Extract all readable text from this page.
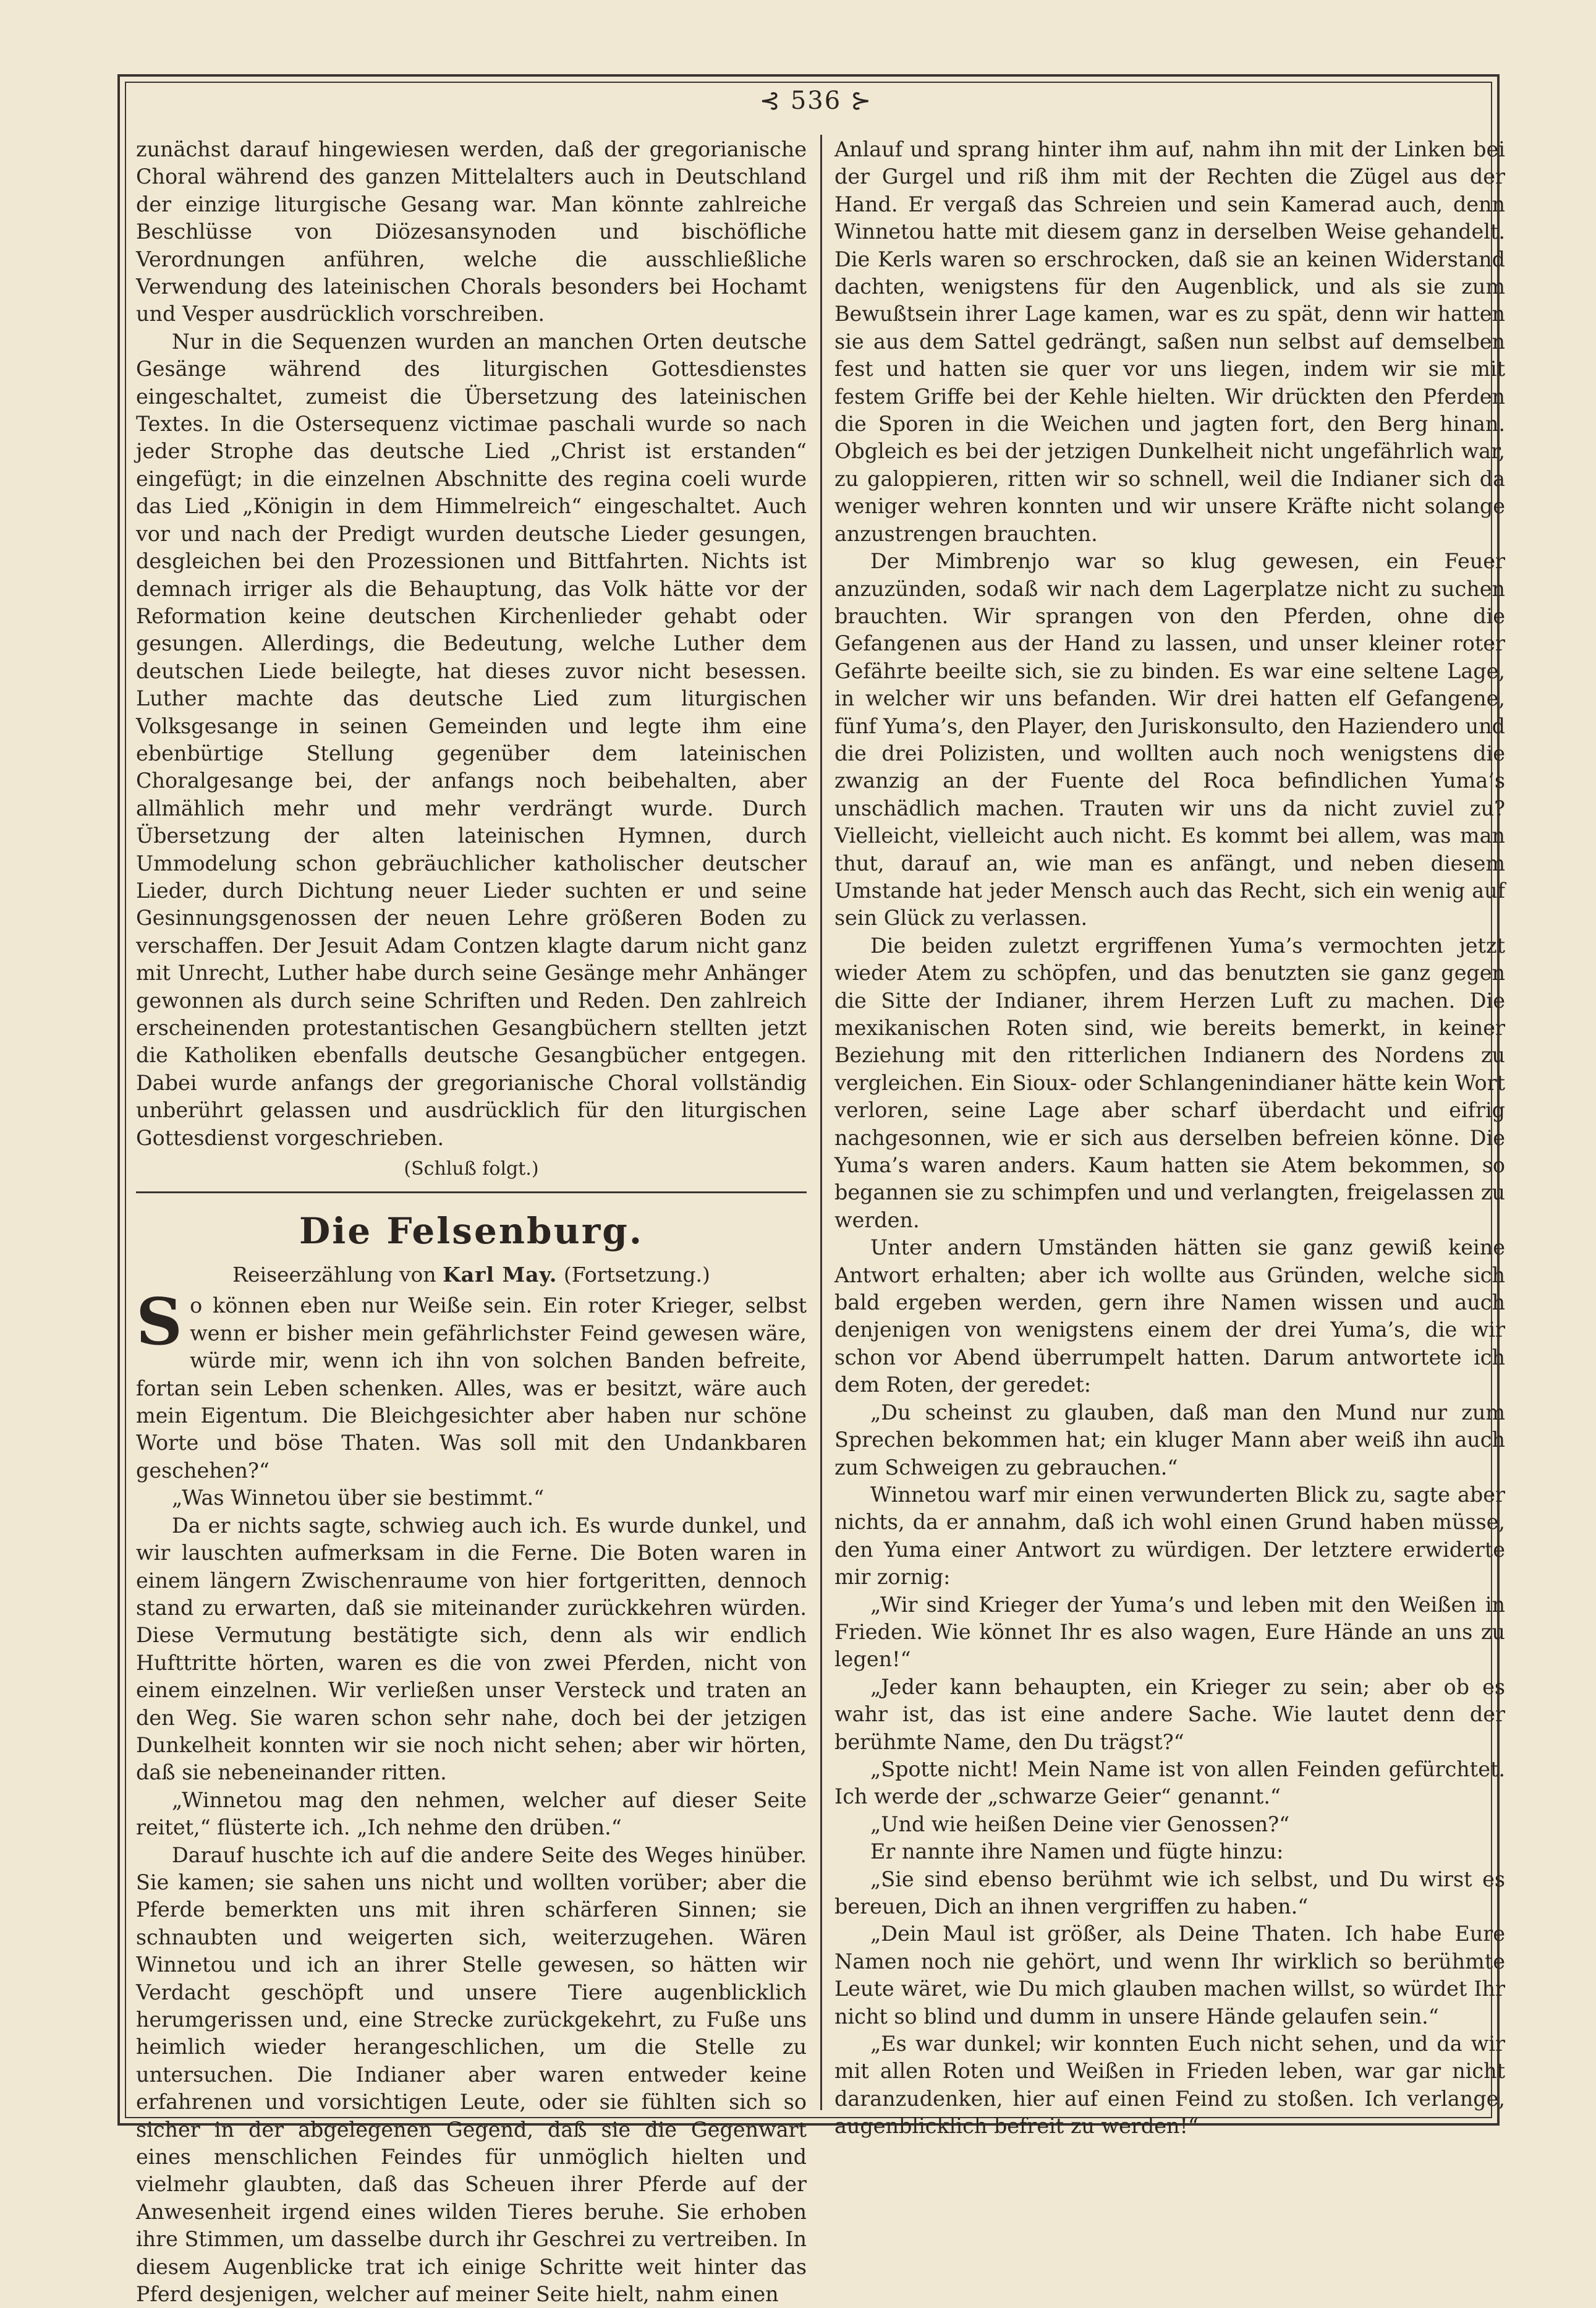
⊰ 536 ⊱

zunächst darauf hingewiesen werden, daß der gregorianische Choral während des ganzen Mittelalters auch in Deutschland der einzige liturgische Gesang war. Man könnte zahlreiche Beschlüsse von Diözesansynoden und bischöfliche Verordnungen anführen, welche die ausschließliche Verwendung des lateinischen Chorals besonders bei Hochamt und Vesper ausdrücklich vorschreiben.

Nur in die Sequenzen wurden an manchen Orten deutsche Gesänge während des liturgischen Gottesdienstes eingeschaltet, zumeist die Übersetzung des lateinischen Textes. In die Ostersequenz victimae paschali wurde so nach jeder Strophe das deutsche Lied „Christ ist erstanden“ eingefügt; in die einzelnen Abschnitte des regina coeli wurde das Lied „Königin in dem Himmelreich“ eingeschaltet. Auch vor und nach der Predigt wurden deutsche Lieder gesungen, desgleichen bei den Prozessionen und Bittfahrten. Nichts ist demnach irriger als die Behauptung, das Volk hätte vor der Reformation keine deutschen Kirchenlieder gehabt oder gesungen. Allerdings, die Bedeutung, welche Luther dem deutschen Liede beilegte, hat dieses zuvor nicht besessen. Luther machte das deutsche Lied zum liturgischen Volksgesange in seinen Gemeinden und legte ihm eine ebenbürtige Stellung gegenüber dem lateinischen Choralgesange bei, der anfangs noch beibehalten, aber allmählich mehr und mehr verdrängt wurde. Durch Übersetzung der alten lateinischen Hymnen, durch Ummodelung schon gebräuchlicher katholischer deutscher Lieder, durch Dichtung neuer Lieder suchten er und seine Gesinnungsgenossen der neuen Lehre größeren Boden zu verschaffen. Der Jesuit Adam Contzen klagte darum nicht ganz mit Unrecht, Luther habe durch seine Gesänge mehr Anhänger gewonnen als durch seine Schriften und Reden. Den zahlreich erscheinenden protestantischen Gesangbüchern stellten jetzt die Katholiken ebenfalls deutsche Gesangbücher entgegen. Dabei wurde anfangs der gregorianische Choral vollständig unberührt gelassen und ausdrücklich für den liturgischen Gottesdienst vorgeschrieben.

(Schluß folgt.)
Die Felsenburg.
Reiseerzählung von Karl May. (Fortsetzung.)

So können eben nur Weiße sein. Ein roter Krieger, selbst wenn er bisher mein gefährlichster Feind gewesen wäre, würde mir, wenn ich ihn von solchen Banden befreite, fortan sein Leben schenken. Alles, was er besitzt, wäre auch mein Eigentum. Die Bleichgesichter aber haben nur schöne Worte und böse Thaten. Was soll mit den Undankbaren geschehen?“

„Was Winnetou über sie bestimmt.“

Da er nichts sagte, schwieg auch ich. Es wurde dunkel, und wir lauschten aufmerksam in die Ferne. Die Boten waren in einem längern Zwischenraume von hier fortgeritten, dennoch stand zu erwarten, daß sie miteinander zurückkehren würden. Diese Vermutung bestätigte sich, denn als wir endlich Hufttritte hörten, waren es die von zwei Pferden, nicht von einem einzelnen. Wir verließen unser Versteck und traten an den Weg. Sie waren schon sehr nahe, doch bei der jetzigen Dunkelheit konnten wir sie noch nicht sehen; aber wir hörten, daß sie nebeneinander ritten.

„Winnetou mag den nehmen, welcher auf dieser Seite reitet,“ flüsterte ich. „Ich nehme den drüben.“

Darauf huschte ich auf die andere Seite des Weges hinüber. Sie kamen; sie sahen uns nicht und wollten vorüber; aber die Pferde bemerkten uns mit ihren schärferen Sinnen; sie schnaubten und weigerten sich, weiterzugehen. Wären Winnetou und ich an ihrer Stelle gewesen, so hätten wir Verdacht geschöpft und unsere Tiere augenblicklich herumgerissen und, eine Strecke zurückgekehrt, zu Fuße uns heimlich wieder herangeschlichen, um die Stelle zu untersuchen. Die Indianer aber waren entweder keine erfahrenen und vorsichtigen Leute, oder sie fühlten sich so sicher in der abgelegenen Gegend, daß sie die Gegenwart eines menschlichen Feindes für unmöglich hielten und vielmehr glaubten, daß das Scheuen ihrer Pferde auf der Anwesenheit irgend eines wilden Tieres beruhe. Sie erhoben ihre Stimmen, um dasselbe durch ihr Geschrei zu vertreiben. In diesem Augenblicke trat ich einige Schritte weit hinter das Pferd desjenigen, welcher auf meiner Seite hielt, nahm einen

Anlauf und sprang hinter ihm auf, nahm ihn mit der Linken bei der Gurgel und riß ihm mit der Rechten die Zügel aus der Hand. Er vergaß das Schreien und sein Kamerad auch, denn Winnetou hatte mit diesem ganz in derselben Weise gehandelt. Die Kerls waren so erschrocken, daß sie an keinen Widerstand dachten, wenigstens für den Augenblick, und als sie zum Bewußtsein ihrer Lage kamen, war es zu spät, denn wir hatten sie aus dem Sattel gedrängt, saßen nun selbst auf demselben fest und hatten sie quer vor uns liegen, indem wir sie mit festem Griffe bei der Kehle hielten. Wir drückten den Pferden die Sporen in die Weichen und jagten fort, den Berg hinan. Obgleich es bei der jetzigen Dunkelheit nicht ungefährlich war, zu galoppieren, ritten wir so schnell, weil die Indianer sich da weniger wehren konnten und wir unsere Kräfte nicht solange anzustrengen brauchten.

Der Mimbrenjo war so klug gewesen, ein Feuer anzuzünden, sodaß wir nach dem Lagerplatze nicht zu suchen brauchten. Wir sprangen von den Pferden, ohne die Gefangenen aus der Hand zu lassen, und unser kleiner roter Gefährte beeilte sich, sie zu binden. Es war eine seltene Lage, in welcher wir uns befanden. Wir drei hatten elf Gefangene, fünf Yuma’s, den Player, den Juriskonsulto, den Haziendero und die drei Polizisten, und wollten auch noch wenigstens die zwanzig an der Fuente del Roca befindlichen Yuma’s unschädlich machen. Trauten wir uns da nicht zuviel zu? Vielleicht, vielleicht auch nicht. Es kommt bei allem, was man thut, darauf an, wie man es anfängt, und neben diesem Umstande hat jeder Mensch auch das Recht, sich ein wenig auf sein Glück zu verlassen.

Die beiden zuletzt ergriffenen Yuma’s vermochten jetzt wieder Atem zu schöpfen, und das benutzten sie ganz gegen die Sitte der Indianer, ihrem Herzen Luft zu machen. Die mexikanischen Roten sind, wie bereits bemerkt, in keiner Beziehung mit den ritterlichen Indianern des Nordens zu vergleichen. Ein Sioux- oder Schlangenindianer hätte kein Wort verloren, seine Lage aber scharf überdacht und eifrig nachgesonnen, wie er sich aus derselben befreien könne. Die Yuma’s waren anders. Kaum hatten sie Atem bekommen, so begannen sie zu schimpfen und und verlangten, freigelassen zu werden.

Unter andern Umständen hätten sie ganz gewiß keine Antwort erhalten; aber ich wollte aus Gründen, welche sich bald ergeben werden, gern ihre Namen wissen und auch denjenigen von wenigstens einem der drei Yuma’s, die wir schon vor Abend überrumpelt hatten. Darum antwortete ich dem Roten, der geredet:

„Du scheinst zu glauben, daß man den Mund nur zum Sprechen bekommen hat; ein kluger Mann aber weiß ihn auch zum Schweigen zu gebrauchen.“

Winnetou warf mir einen verwunderten Blick zu, sagte aber nichts, da er annahm, daß ich wohl einen Grund haben müsse, den Yuma einer Antwort zu würdigen. Der letztere erwiderte mir zornig:

„Wir sind Krieger der Yuma’s und leben mit den Weißen in Frieden. Wie könnet Ihr es also wagen, Eure Hände an uns zu legen!“

„Jeder kann behaupten, ein Krieger zu sein; aber ob es wahr ist, das ist eine andere Sache. Wie lautet denn der berühmte Name, den Du trägst?“

„Spotte nicht! Mein Name ist von allen Feinden gefürchtet. Ich werde der „schwarze Geier“ genannt.“

„Und wie heißen Deine vier Genossen?“

Er nannte ihre Namen und fügte hinzu:

„Sie sind ebenso berühmt wie ich selbst, und Du wirst es bereuen, Dich an ihnen vergriffen zu haben.“

„Dein Maul ist größer, als Deine Thaten. Ich habe Eure Namen noch nie gehört, und wenn Ihr wirklich so berühmte Leute wäret, wie Du mich glauben machen willst, so würdet Ihr nicht so blind und dumm in unsere Hände gelaufen sein.“

„Es war dunkel; wir konnten Euch nicht sehen, und da wir mit allen Roten und Weißen in Frieden leben, war gar nicht daranzudenken, hier auf einen Feind zu stoßen. Ich verlange, augenblicklich befreit zu werden!“
